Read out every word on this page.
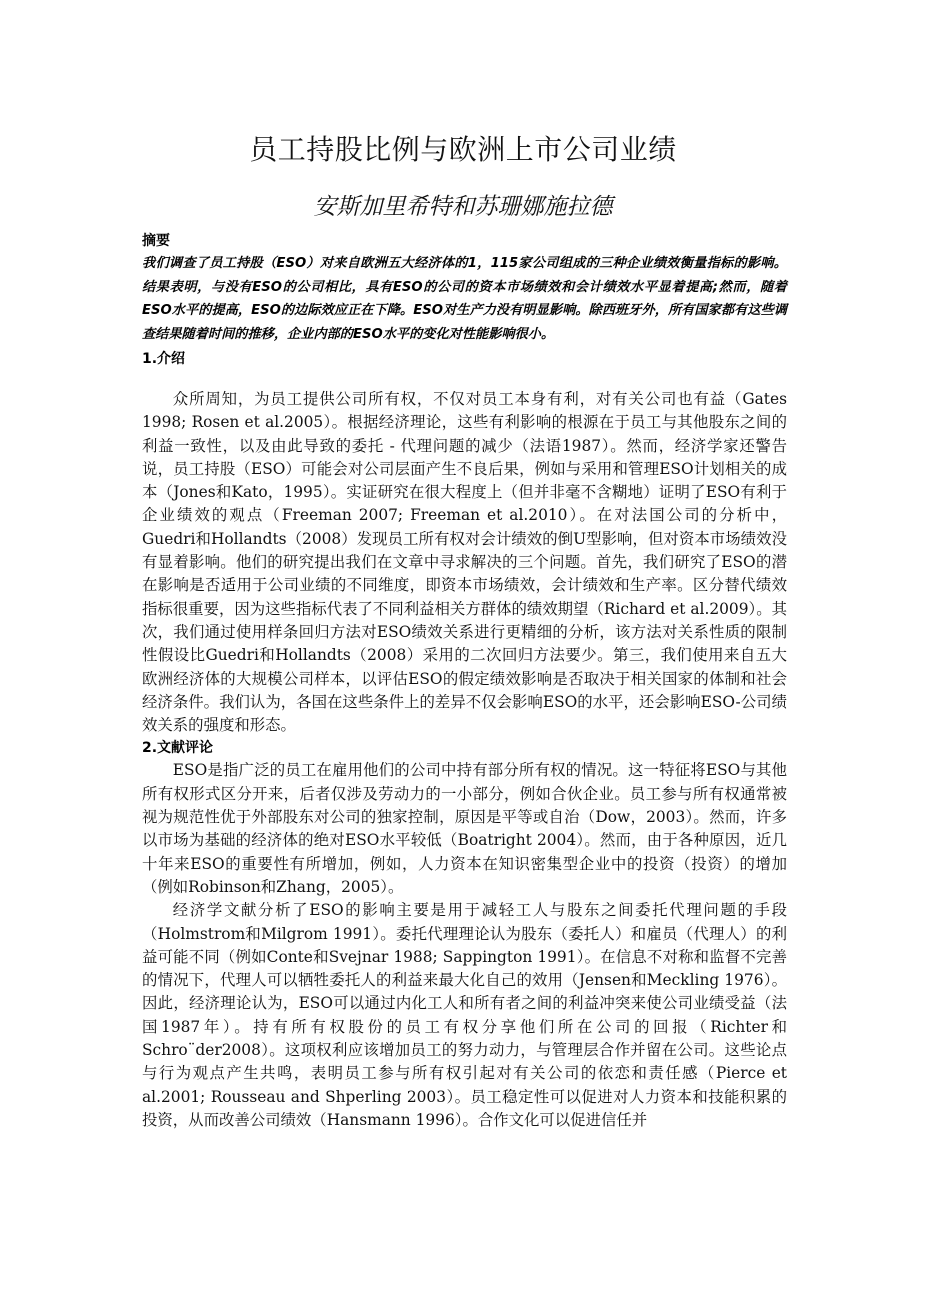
员工持股比例与欧洲上市公司业绩
安斯加里希特和苏珊娜施拉德

摘要

我们调查了员工持股（ESO）对来自欧洲五大经济体的1，115家公司组成的三种企业绩效衡量指标的影响。结果表明，与没有ESO的公司相比，具有ESO的公司的资本市场绩效和会计绩效水平显着提高;然而，随着ESO水平的提高，ESO的边际效应正在下降。ESO对生产力没有明显影响。除西班牙外，所有国家都有这些调查结果随着时间的推移，企业内部的ESO水平的变化对性能影响很小。

1.介绍

众所周知，为员工提供公司所有权，不仅对员工本身有利，对有关公司也有益（Gates 1998; Rosen et al.2005）。根据经济理论，这些有利影响的根源在于员工与其他股东之间的利益一致性，以及由此导致的委托 - 代理问题的减少（法语1987）。然而，经济学家还警告说，员工持股（ESO）可能会对公司层面产生不良后果，例如与采用和管理ESO计划相关的成本（Jones和Kato，1995）。实证研究在很大程度上（但并非毫不含糊地）证明了ESO有利于企业绩效的观点（Freeman 2007; Freeman et al.2010）。在对法国公司的分析中，Guedri和Hollandts（2008）发现员工所有权对会计绩效的倒U型影响，但对资本市场绩效没有显着影响。他们的研究提出我们在文章中寻求解决的三个问题。首先，我们研究了ESO的潜在影响是否适用于公司业绩的不同维度，即资本市场绩效，会计绩效和生产率。区分替代绩效指标很重要，因为这些指标代表了不同利益相关方群体的绩效期望（Richard et al.2009）。其次，我们通过使用样条回归方法对ESO绩效关系进行更精细的分析，该方法对关系性质的限制性假设比Guedri和Hollandts（2008）采用的二次回归方法要少。第三，我们使用来自五大欧洲经济体的大规模公司样本，以评估ESO的假定绩效影响是否取决于相关国家的体制和社会经济条件。我们认为，各国在这些条件上的差异不仅会影响ESO的水平，还会影响ESO-公司绩效关系的强度和形态。

2.文献评论

ESO是指广泛的员工在雇用他们的公司中持有部分所有权的情况。这一特征将ESO与其他所有权形式区分开来，后者仅涉及劳动力的一小部分，例如合伙企业。员工参与所有权通常被视为规范性优于外部股东对公司的独家控制，原因是平等或自治（Dow，2003）。然而，许多以市场为基础的经济体的绝对ESO水平较低（Boatright 2004）。然而，由于各种原因，近几十年来ESO的重要性有所增加，例如，人力资本在知识密集型企业中的投资（投资）的增加（例如Robinson和Zhang，2005）。

经济学文献分析了ESO的影响主要是用于减轻工人与股东之间委托代理问题的手段（Holmstrom和Milgrom 1991）。委托代理理论认为股东（委托人）和雇员（代理人）的利益可能不同（例如Conte和Svejnar 1988; Sappington 1991）。在信息不对称和监督不完善的情况下，代理人可以牺牲委托人的利益来最大化自己的效用（Jensen和Meckling 1976）。因此，经济理论认为，ESO可以通过内化工人和所有者之间的利益冲突来使公司业绩受益（法国1987年）。持有所有权股份的员工有权分享他们所在公司的回报（Richter和Schro¨der2008）。这项权利应该增加员工的努力动力，与管理层合作并留在公司。这些论点与行为观点产生共鸣，表明员工参与所有权引起对有关公司的依恋和责任感（Pierce et al.2001; Rousseau and Shperling 2003）。员工稳定性可以促进对人力资本和技能积累的投资，从而改善公司绩效（Hansmann 1996）。合作文化可以促进信任并
